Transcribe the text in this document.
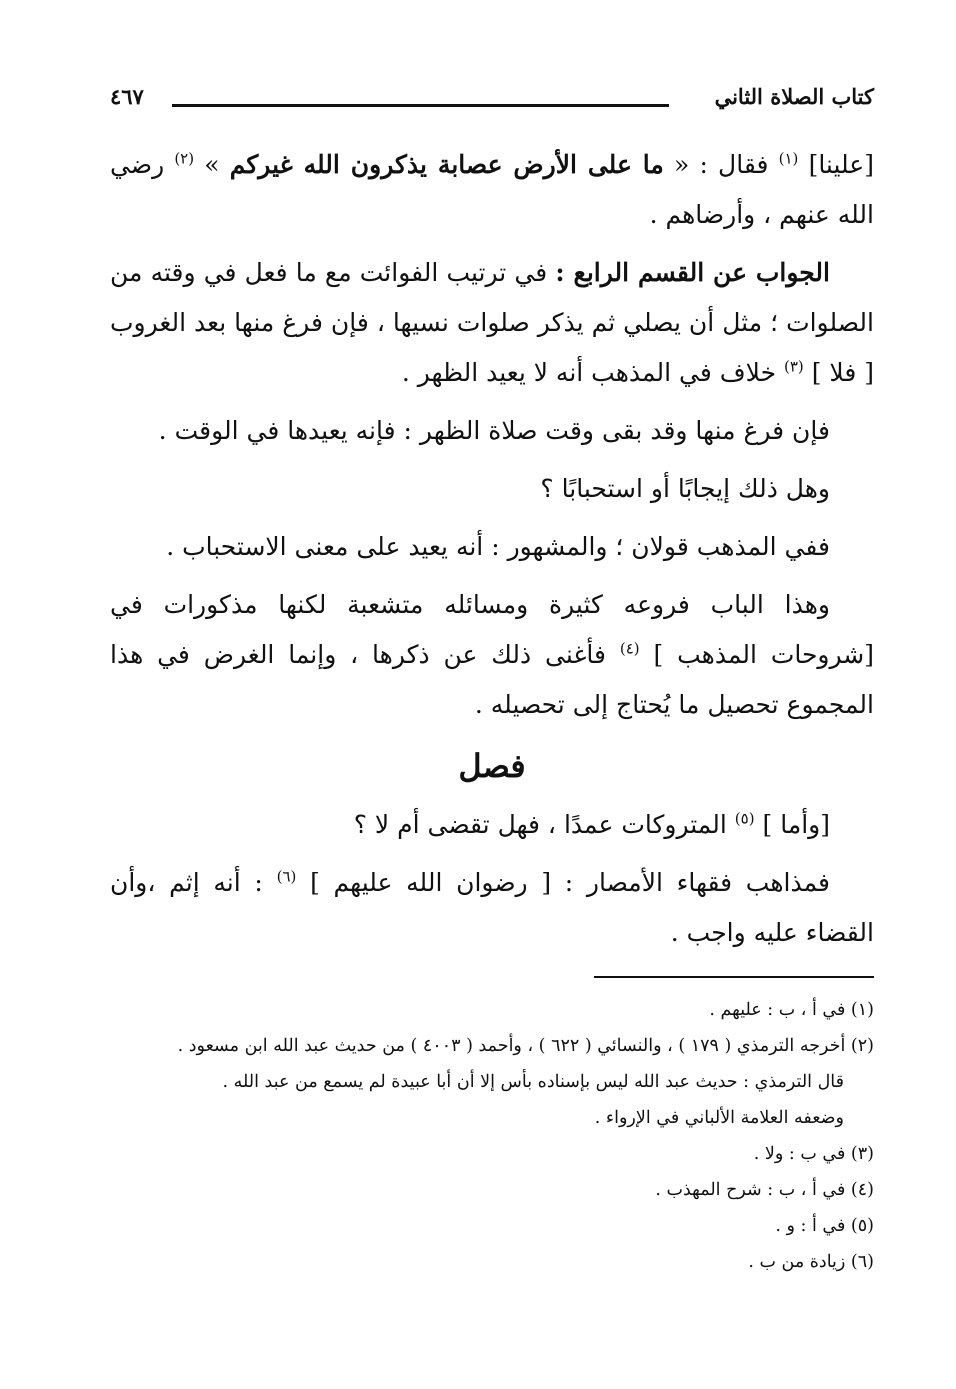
كتاب الصلاة الثاني
٤٦٧

[علينا] $^{(١)}$ فقال : « ما على الأرض عصابة يذكرون الله غيركم » $^{(٢)}$ رضي الله عنهم ، وأرضاهم .

الجواب عن القسم الرابع : في ترتيب الفوائت مع ما فعل في وقته من الصلوات ؛ مثل أن يصلي ثم يذكر صلوات نسيها ، فإن فرغ منها بعد الغروب [ فلا ] $^{(٣)}$ خلاف في المذهب أنه لا يعيد الظهر .

فإن فرغ منها وقد بقى وقت صلاة الظهر : فإنه يعيدها في الوقت .

وهل ذلك إيجابًا أو استحبابًا ؟

ففي المذهب قولان ؛ والمشهور : أنه يعيد على معنى الاستحباب .

وهذا الباب فروعه كثيرة ومسائله متشعبة لكنها مذكورات في [شروحات المذهب ] $^{(٤)}$ فأغنى ذلك عن ذكرها ، وإنما الغرض في هذا المجموع تحصيل ما يُحتاج إلى تحصيله .

فصل

[وأما ] $^{(٥)}$ المتروكات عمدًا ، فهل تقضى أم لا ؟

فمذاهب فقهاء الأمصار : [ رضوان الله عليهم ] $^{(٦)}$ : أنه إثم ،وأن القضاء عليه واجب .

(١) في أ ، ب : عليهم .

(٢) أخرجه الترمذي ( ١٧٩ ) ، والنسائي ( ٦٢٢ ) ، وأحمد ( ٤٠٠٣ ) من حديث عبد الله ابن مسعود .

قال الترمذي : حديث عبد الله ليس بإسناده بأس إلا أن أبا عبيدة لم يسمع من عبد الله .

وضعفه العلامة الألباني في الإرواء .

(٣) في ب : ولا .

(٤) في أ ، ب : شرح المهذب .

(٥) في أ : و .

(٦) زيادة من ب .
